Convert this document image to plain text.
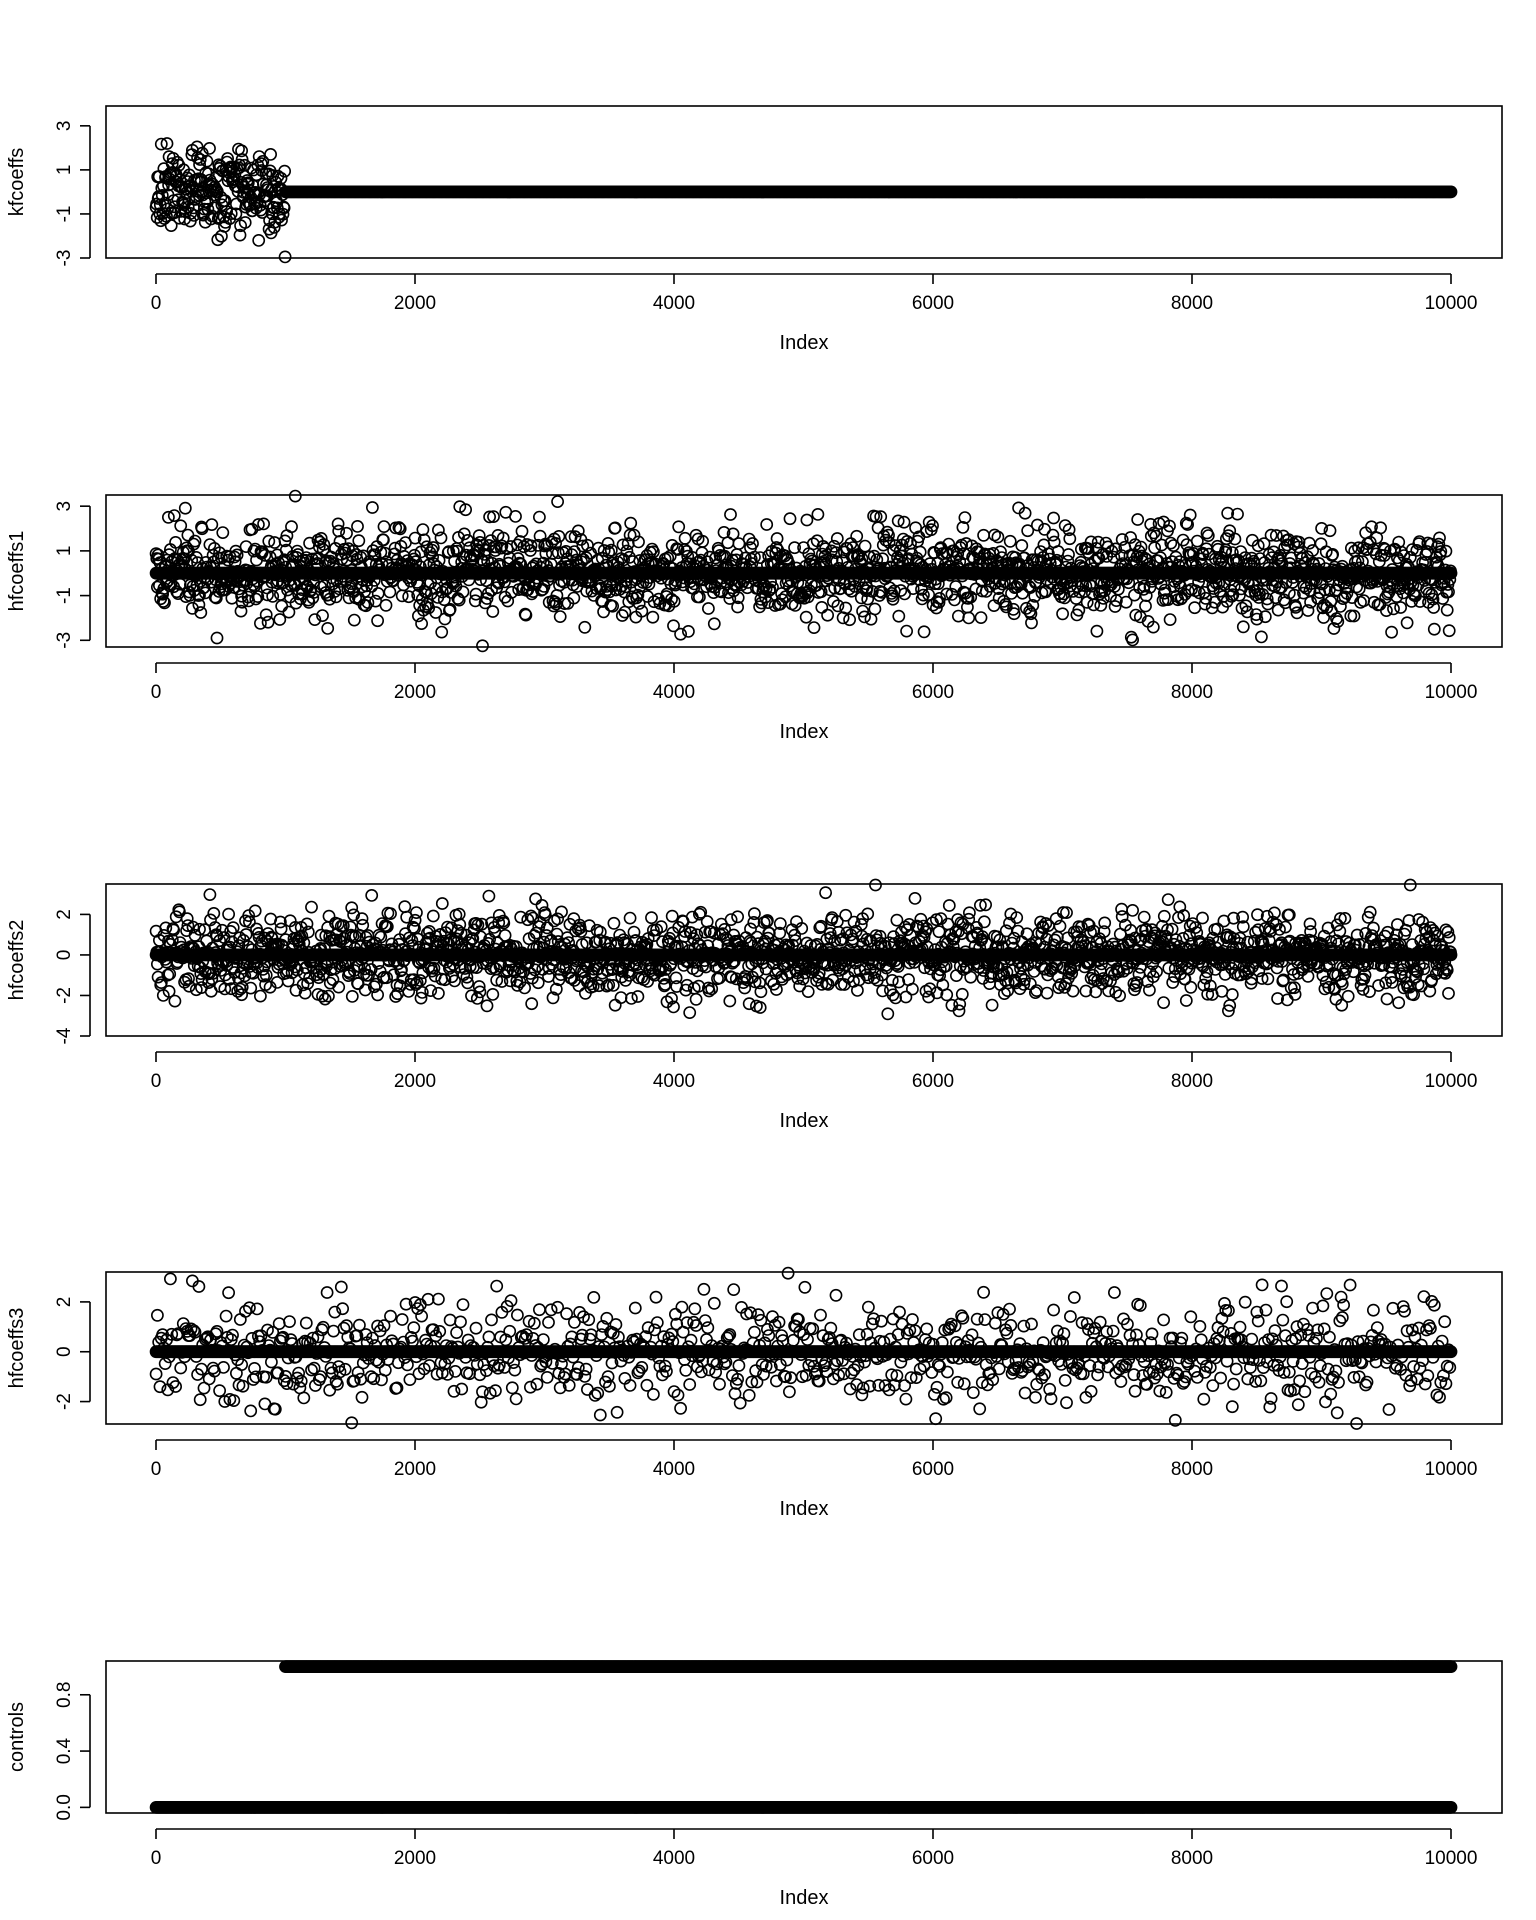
0	2000	4000	6000	8000	10000
Index
-3
-1
1
3
kfcoeffs
0	2000	4000	6000	8000	10000
Index
-3
-1
1
3
hfcoeffs1
0	2000	4000	6000	8000	10000
Index
-4
-2
0
2
hfcoeffs2
0	2000	4000	6000	8000	10000
Index
-2
0
2
hfcoeffs3
0	2000	4000	6000	8000	10000
Index
0.0
0.4
0.8
controls
